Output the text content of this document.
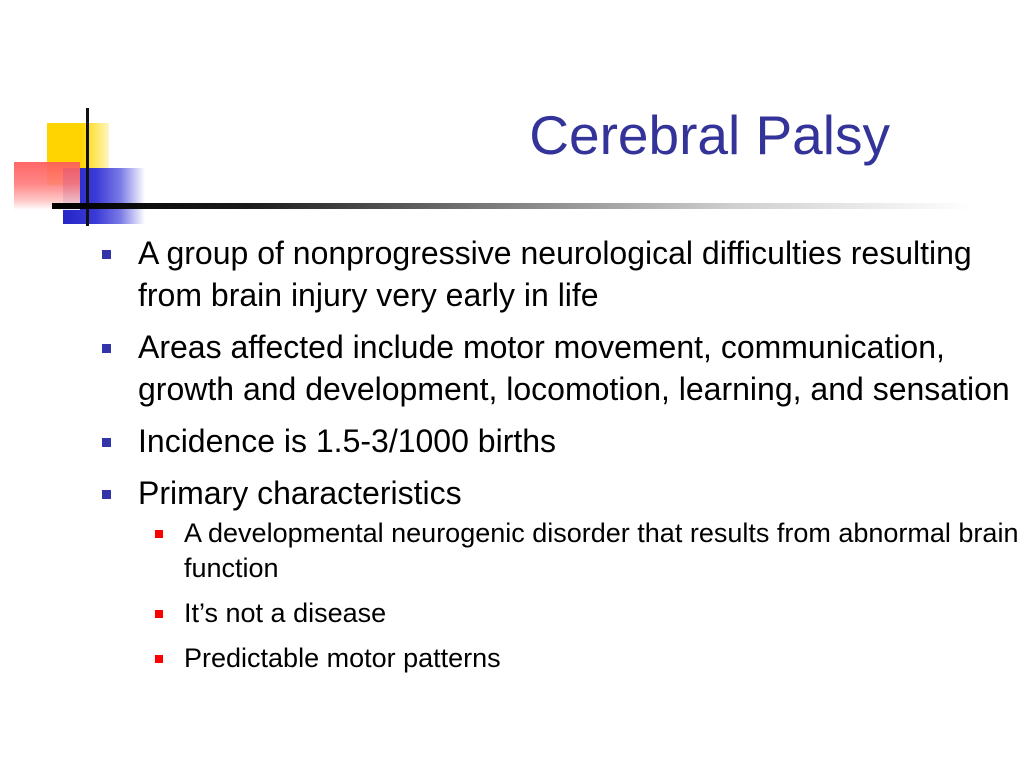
Cerebral Palsy
A group of nonprogressive neurological difficulties resulting from brain injury very early in life
Areas affected include motor movement, communication, growth and development, locomotion, learning, and sensation
Incidence is 1.5-3/1000 births
Primary characteristics
A developmental neurogenic disorder that results from abnormal brain function
It’s not a disease
Predictable motor patterns
